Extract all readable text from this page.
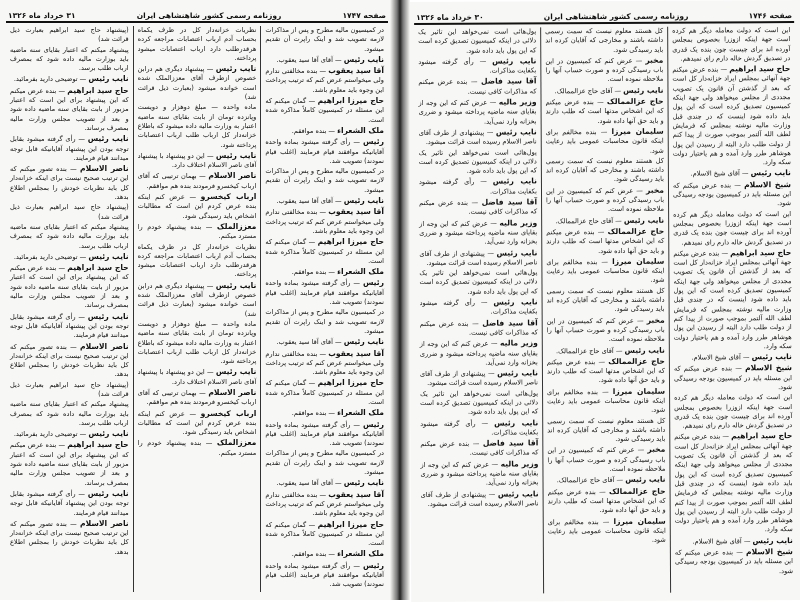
صفحه ۱۷۴۷
روزنامه رسمی کشور شاهنشاهی ایران
۳۱ خرداد ماه ۱۳۲۶

در کمیسیون مالیه مطرح و پس از مذاکرات لازمه تصویب شد و اینک راپرت آن تقدیم میشود.

نایب رئیس — آقای آقا سید یعقوب.

آقا سید یعقوب — بنده مخالفتی ندارم ولی میخواستم عرض کنم که ترتیب پرداخت این وجوه باید معلوم باشد.

حاج میرزا ابراهیم — گمان میکنم که این مسئله در کمیسیون کاملاً مذاکره شده است.

ملک الشعراء — بنده موافقم.

رئیس — رأی گرفته میشود بماده واحده آقایانیکه موافقند قیام فرمایند (اغلب قیام نمودند) تصویب شد.

در کمیسیون مالیه مطرح و پس از مذاکرات لازمه تصویب شد و اینک راپرت آن تقدیم میشود.

نایب رئیس — آقای آقا سید یعقوب.

آقا سید یعقوب — بنده مخالفتی ندارم ولی میخواستم عرض کنم که ترتیب پرداخت این وجوه باید معلوم باشد.

حاج میرزا ابراهیم — گمان میکنم که این مسئله در کمیسیون کاملاً مذاکره شده است.

ملک الشعراء — بنده موافقم.

رئیس — رأی گرفته میشود بماده واحده آقایانیکه موافقند قیام فرمایند (اغلب قیام نمودند) تصویب شد.

در کمیسیون مالیه مطرح و پس از مذاکرات لازمه تصویب شد و اینک راپرت آن تقدیم میشود.

نایب رئیس — آقای آقا سید یعقوب.

آقا سید یعقوب — بنده مخالفتی ندارم ولی میخواستم عرض کنم که ترتیب پرداخت این وجوه باید معلوم باشد.

حاج میرزا ابراهیم — گمان میکنم که این مسئله در کمیسیون کاملاً مذاکره شده است.

ملک الشعراء — بنده موافقم.

رئیس — رأی گرفته میشود بماده واحده آقایانیکه موافقند قیام فرمایند (اغلب قیام نمودند) تصویب شد.

در کمیسیون مالیه مطرح و پس از مذاکرات لازمه تصویب شد و اینک راپرت آن تقدیم میشود.

نایب رئیس — آقای آقا سید یعقوب.

آقا سید یعقوب — بنده مخالفتی ندارم ولی میخواستم عرض کنم که ترتیب پرداخت این وجوه باید معلوم باشد.

حاج میرزا ابراهیم — گمان میکنم که این مسئله در کمیسیون کاملاً مذاکره شده است.

ملک الشعراء — بنده موافقم.

رئیس — رأی گرفته میشود بماده واحده آقایانیکه موافقند قیام فرمایند (اغلب قیام نمودند) تصویب شد.

نظریات خزانه‌دار کل در ظرف یکماه بحساب آدم ارباب اعتصابات مراجعه کرده هرقدرطلب دارد ارباب اعتصابات میشود پرداخته.

نایب رئیس — پیشنهاد دیگری هم درابن خصوص ازطرف آقای معززالملک شده است خوانده میشود (بعبارت ذیل قرائت شد)

ماده واحده — مبلغ دوهزار و دویست وپانزده تومان از بابت بقایای سنه ماضیه اعتبار به وزارت مالیه داده میشود که باطلاع خزانه‌دار کل ارباب طلب ارباب اعتصابات پرداخته شود.

نایب رئیس — این دو پیشنهاد با پیشنهاد آقای ناصر الاسلام اختلاف دارد.

ناصر الاسلام — بهمان ترتیبی که آقای ارباب کیخسرو فرمودند بنده هم موافقم.

ارباب کیخسرو — عرض کنم اینکه بنده عرض کردم این است که مطالبات اشخاص باید رسیدگی شود.

معززالملک — بنده پیشنهاد خودم را مسترد میکنم.

نظریات خزانه‌دار کل در ظرف یکماه بحساب آدم ارباب اعتصابات مراجعه کرده هرقدرطلب دارد ارباب اعتصابات میشود پرداخته.

نایب رئیس — پیشنهاد دیگری هم درابن خصوص ازطرف آقای معززالملک شده است خوانده میشود (بعبارت ذیل قرائت شد)

ماده واحده — مبلغ دوهزار و دویست وپانزده تومان از بابت بقایای سنه ماضیه اعتبار به وزارت مالیه داده میشود که باطلاع خزانه‌دار کل ارباب طلب ارباب اعتصابات پرداخته شود.

نایب رئیس — این دو پیشنهاد با پیشنهاد آقای ناصر الاسلام اختلاف دارد.

ناصر الاسلام — بهمان ترتیبی که آقای ارباب کیخسرو فرمودند بنده هم موافقم.

ارباب کیخسرو — عرض کنم اینکه بنده عرض کردم این است که مطالبات اشخاص باید رسیدگی شود.

معززالملک — بنده پیشنهاد خودم را مسترد میکنم.

(پیشنهاد حاج سید ابراهیم بعبارت ذیل قرائت شد)

پیشنهاد میکنم که اعتبار بقایای سنه ماضیه باید بوزارت مالیه داده شود که بمصرف ارباب طلب برسد.

نایب رئیس — توضیحی دارید بفرمائید.

حاج سید ابراهیم — بنده عرض میکنم که این پیشنهاد برای این است که اعتبار مزبور از بابت بقایای سنه ماضیه داده شود و بعد از تصویب مجلس وزارت مالیه بمصرف برساند.

نایب رئیس — رأی گرفته میشود بقابل توجه بودن این پیشنهاد آقایانیکه قابل توجه میدانند قیام فرمایند.

ناصر الاسلام — بنده تصور میکنم که این ترتیب صحیح نیست برای اینکه خزانه‌دار کل باید نظریات خودش را بمجلس اطلاع بدهد.

(پیشنهاد حاج سید ابراهیم بعبارت ذیل قرائت شد)

پیشنهاد میکنم که اعتبار بقایای سنه ماضیه باید بوزارت مالیه داده شود که بمصرف ارباب طلب برسد.

نایب رئیس — توضیحی دارید بفرمائید.

حاج سید ابراهیم — بنده عرض میکنم که این پیشنهاد برای این است که اعتبار مزبور از بابت بقایای سنه ماضیه داده شود و بعد از تصویب مجلس وزارت مالیه بمصرف برساند.

نایب رئیس — رأی گرفته میشود بقابل توجه بودن این پیشنهاد آقایانیکه قابل توجه میدانند قیام فرمایند.

ناصر الاسلام — بنده تصور میکنم که این ترتیب صحیح نیست برای اینکه خزانه‌دار کل باید نظریات خودش را بمجلس اطلاع بدهد.

(پیشنهاد حاج سید ابراهیم بعبارت ذیل قرائت شد)

پیشنهاد میکنم که اعتبار بقایای سنه ماضیه باید بوزارت مالیه داده شود که بمصرف ارباب طلب برسد.

نایب رئیس — توضیحی دارید بفرمائید.

حاج سید ابراهیم — بنده عرض میکنم که این پیشنهاد برای این است که اعتبار مزبور از بابت بقایای سنه ماضیه داده شود و بعد از تصویب مجلس وزارت مالیه بمصرف برساند.

نایب رئیس — رأی گرفته میشود بقابل توجه بودن این پیشنهاد آقایانیکه قابل توجه میدانند قیام فرمایند.

ناصر الاسلام — بنده تصور میکنم که این ترتیب صحیح نیست برای اینکه خزانه‌دار کل باید نظریات خودش را بمجلس اطلاع بدهد.

صفحه ۱۷۴۶
روزنامه رسمی کشور شاهنشاهی ایران
۳۰ خرداد ماه ۱۳۲۶

این است که دولت معامله دیگر هم کرده است جهة اینکه ازوزرا بخصوص بمجلس آورده اند برای چیست چون بنده یک قدری در تصدیق گردش خاله دارم رای نمیدهم.

حاج سید ابراهیم — بنده عرض میکنم جهة آنهائی بمجلس ایراد خزانه‌دار کل است که بعد از گذشتن آن قانون یک تصویب مجددی از مجلس میخواهد ولی جهة اینکه کمیسیون تصدیق کرده است که این پول باید داده شود اینست که در چندی قبل وزارت مالیه نوشته بمجلس که فرمایش لطف الله آلتمر بموجب صورت از پیدا کنم از دولت طلب دارد البته از رسیدن این پول هوشاهر طرر وارد آمده و هم یاختیار دولت سکه وارد.

نایب رئیس — آقای شیخ الاسلام.

شیخ الاسلام — بنده عرض میکنم که این مسئله باید در کمیسیون بودجه رسیدگی شود.

این است که دولت معامله دیگر هم کرده است جهة اینکه ازوزرا بخصوص بمجلس آورده اند برای چیست چون بنده یک قدری در تصدیق گردش خاله دارم رای نمیدهم.

حاج سید ابراهیم — بنده عرض میکنم جهة آنهائی بمجلس ایراد خزانه‌دار کل است که بعد از گذشتن آن قانون یک تصویب مجددی از مجلس میخواهد ولی جهة اینکه کمیسیون تصدیق کرده است که این پول باید داده شود اینست که در چندی قبل وزارت مالیه نوشته بمجلس که فرمایش لطف الله آلتمر بموجب صورت از پیدا کنم از دولت طلب دارد البته از رسیدن این پول هوشاهر طرر وارد آمده و هم یاختیار دولت سکه وارد.

نایب رئیس — آقای شیخ الاسلام.

شیخ الاسلام — بنده عرض میکنم که این مسئله باید در کمیسیون بودجه رسیدگی شود.

این است که دولت معامله دیگر هم کرده است جهة اینکه ازوزرا بخصوص بمجلس آورده اند برای چیست چون بنده یک قدری در تصدیق گردش خاله دارم رای نمیدهم.

حاج سید ابراهیم — بنده عرض میکنم جهة آنهائی بمجلس ایراد خزانه‌دار کل است که بعد از گذشتن آن قانون یک تصویب مجددی از مجلس میخواهد ولی جهة اینکه کمیسیون تصدیق کرده است که این پول باید داده شود اینست که در چندی قبل وزارت مالیه نوشته بمجلس که فرمایش لطف الله آلتمر بموجب صورت از پیدا کنم از دولت طلب دارد البته از رسیدن این پول هوشاهر طرر وارد آمده و هم یاختیار دولت سکه وارد.

نایب رئیس — آقای شیخ الاسلام.

شیخ الاسلام — بنده عرض میکنم که این مسئله باید در کمیسیون بودجه رسیدگی شود.

کل هستند معلوم نیست که سمت رسمی داشته باشند و مخارجی که آقایان کرده اند باید رسیدگی شود.

مخبر — عرض کنم که کمیسیون در این باب رسیدگی کرده و صورت حساب آنها را ملاحظه نموده است.

نایب رئیس — آقای حاج عزالممالک.

حاج عزالممالک — بنده عرض میکنم که این اشخاص مدتها است که طلب دارند و باید حق آنها داده شود.

سلیمان میرزا — بنده مخالفم برای اینکه قانون محاسبات عمومی باید رعایت شود.

کل هستند معلوم نیست که سمت رسمی داشته باشند و مخارجی که آقایان کرده اند باید رسیدگی شود.

مخبر — عرض کنم که کمیسیون در این باب رسیدگی کرده و صورت حساب آنها را ملاحظه نموده است.

نایب رئیس — آقای حاج عزالممالک.

حاج عزالممالک — بنده عرض میکنم که این اشخاص مدتها است که طلب دارند و باید حق آنها داده شود.

سلیمان میرزا — بنده مخالفم برای اینکه قانون محاسبات عمومی باید رعایت شود.

کل هستند معلوم نیست که سمت رسمی داشته باشند و مخارجی که آقایان کرده اند باید رسیدگی شود.

مخبر — عرض کنم که کمیسیون در این باب رسیدگی کرده و صورت حساب آنها را ملاحظه نموده است.

نایب رئیس — آقای حاج عزالممالک.

حاج عزالممالک — بنده عرض میکنم که این اشخاص مدتها است که طلب دارند و باید حق آنها داده شود.

سلیمان میرزا — بنده مخالفم برای اینکه قانون محاسبات عمومی باید رعایت شود.

کل هستند معلوم نیست که سمت رسمی داشته باشند و مخارجی که آقایان کرده اند باید رسیدگی شود.

مخبر — عرض کنم که کمیسیون در این باب رسیدگی کرده و صورت حساب آنها را ملاحظه نموده است.

نایب رئیس — آقای حاج عزالممالک.

حاج عزالممالک — بنده عرض میکنم که این اشخاص مدتها است که طلب دارند و باید حق آنها داده شود.

سلیمان میرزا — بنده مخالفم برای اینکه قانون محاسبات عمومی باید رعایت شود.

پول‌هائی است نمی‌خواهد این تاثیر یک دلائی در اینکه کمیسیون تصدیق کرده است که این پول باید داده شود.

نایب رئیس — رأی گرفته میشود بکفایت مذاکرات.

آقا سید فاضل — بنده عرض میکنم که مذاکرات کافی نیست.

وزیر مالیه — عرض کنم که این وجه از بقایای سنه ماضیه پرداخته میشود و ضرری بخزانه وارد نمی‌آید.

نایب رئیس — پیشنهادی از طرف آقای ناصر الاسلام رسیده است قرائت میشود.

پول‌هائی است نمی‌خواهد این تاثیر یک دلائی در اینکه کمیسیون تصدیق کرده است که این پول باید داده شود.

نایب رئیس — رأی گرفته میشود بکفایت مذاکرات.

آقا سید فاضل — بنده عرض میکنم که مذاکرات کافی نیست.

وزیر مالیه — عرض کنم که این وجه از بقایای سنه ماضیه پرداخته میشود و ضرری بخزانه وارد نمی‌آید.

نایب رئیس — پیشنهادی از طرف آقای ناصر الاسلام رسیده است قرائت میشود.

پول‌هائی است نمی‌خواهد این تاثیر یک دلائی در اینکه کمیسیون تصدیق کرده است که این پول باید داده شود.

نایب رئیس — رأی گرفته میشود بکفایت مذاکرات.

آقا سید فاضل — بنده عرض میکنم که مذاکرات کافی نیست.

وزیر مالیه — عرض کنم که این وجه از بقایای سنه ماضیه پرداخته میشود و ضرری بخزانه وارد نمی‌آید.

نایب رئیس — پیشنهادی از طرف آقای ناصر الاسلام رسیده است قرائت میشود.

پول‌هائی است نمی‌خواهد این تاثیر یک دلائی در اینکه کمیسیون تصدیق کرده است که این پول باید داده شود.

نایب رئیس — رأی گرفته میشود بکفایت مذاکرات.

آقا سید فاضل — بنده عرض میکنم که مذاکرات کافی نیست.

وزیر مالیه — عرض کنم که این وجه از بقایای سنه ماضیه پرداخته میشود و ضرری بخزانه وارد نمی‌آید.

نایب رئیس — پیشنهادی از طرف آقای ناصر الاسلام رسیده است قرائت میشود.
